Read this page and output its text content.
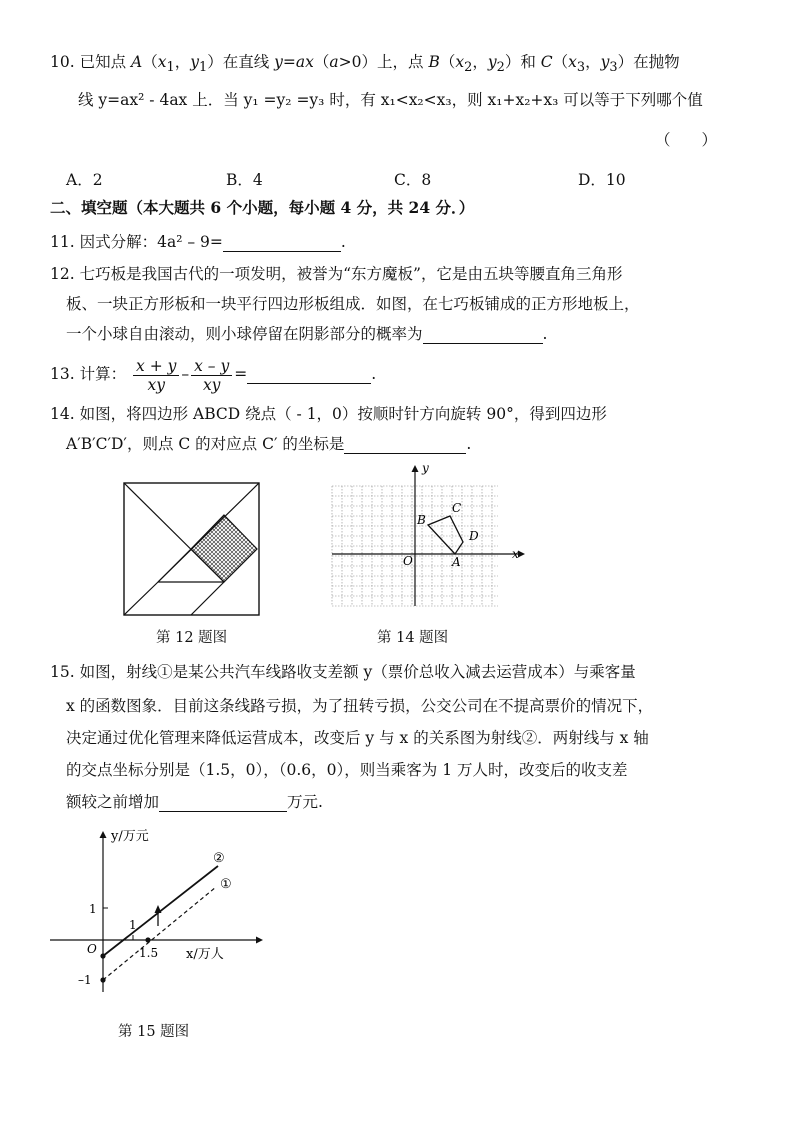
10. 已知点 $A(x_1$，$y_1$）在直线 y=ax（a>0）上，点 $B(x_2$，$y_2$）和 $C(x_3$，$y_3$）在抛物
线 y=ax² - 4ax 上．当 y₁ =y₂ =y₃ 时，有 x₁<x₂<x₃，则 x₁+x₂+x₃ 可以等于下列哪个值
（　　）
A．2	B．4	C．8	D．10
二、填空题（本大题共 6 个小题，每小题 4 分，共 24 分．）
11. 因式分解：4a² – 9=	.
12. 七巧板是我国古代的一项发明，被誉为“东方魔板”，它是由五块等腰直角三角形
板、一块正方形板和一块平行四边形板组成．如图，在七巧板铺成的正方形地板上，
一个小球自由滚动，则小球停留在阴影部分的概率为	.
13. 计算： $\frac{x + y}{xy} - \frac{x - y}{xy}$ =	.
14. 如图，将四边形 ABCD 绕点（ - 1，0）按顺时针方向旋转 90°，得到四边形
A′B′C′D′，则点 C 的对应点 C′ 的坐标是	.
第 12 题图
y
x
O	A
B
C
D
第 14 题图
15. 如图，射线①是某公共汽车线路收支差额 y（票价总收入减去运营成本）与乘客量
x 的函数图象．目前这条线路亏损，为了扭转亏损，公交公司在不提高票价的情况下，
决定通过优化管理来降低运营成本，改变后 y 与 x 的关系图为射线②．两射线与 x 轴
的交点坐标分别是（1.5，0），（0.6，0），则当乘客为 1 万人时，改变后的收支差
额较之前增加	万元.
y/万元
x/万人
O
1
–1
1
1.5
②
①
第 15 题图
